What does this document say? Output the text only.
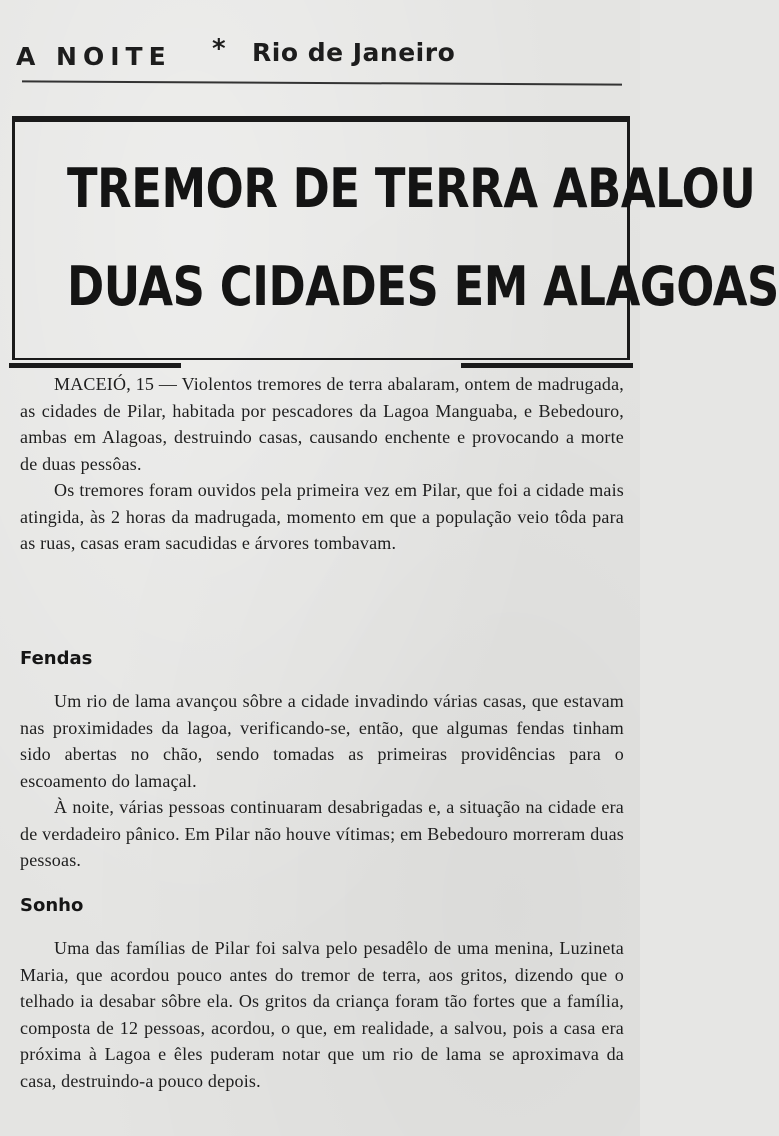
A NOITE * Rio de Janeiro
TREMOR DE TERRA ABALOU
DUAS CIDADES EM ALAGOAS

MACEIÓ, 15 — Violentos tremores de terra abalaram, ontem de madrugada, as cidades de Pilar, habitada por pescadores da Lagoa Manguaba, e Bebedouro, ambas em Alagoas, destruindo casas, causando enchente e provocando a morte de duas pessôas.

Os tremores foram ouvidos pela primeira vez em Pilar, que foi a cidade mais atingida, às 2 horas da madrugada, momento em que a população veio tôda para as ruas, casas eram sacudidas e árvores tombavam.

Fendas

Um rio de lama avançou sôbre a cidade invadindo várias casas, que estavam nas proximidades da lagoa, verificando-se, então, que algumas fendas tinham sido abertas no chão, sendo tomadas as primeiras providências para o escoamento do lamaçal.

À noite, várias pessoas continuaram desabrigadas e, a situação na cidade era de verdadeiro pânico. Em Pilar não houve vítimas; em Bebedouro morreram duas pessoas.

Sonho

Uma das famílias de Pilar foi salva pelo pesadêlo de uma menina, Luzineta Maria, que acordou pouco antes do tremor de terra, aos gritos, dizendo que o telhado ia desabar sôbre ela. Os gritos da criança foram tão fortes que a família, composta de 12 pessoas, acordou, o que, em realidade, a salvou, pois a casa era próxima à Lagoa e êles puderam notar que um rio de lama se aproximava da casa, destruindo-a pouco depois.
